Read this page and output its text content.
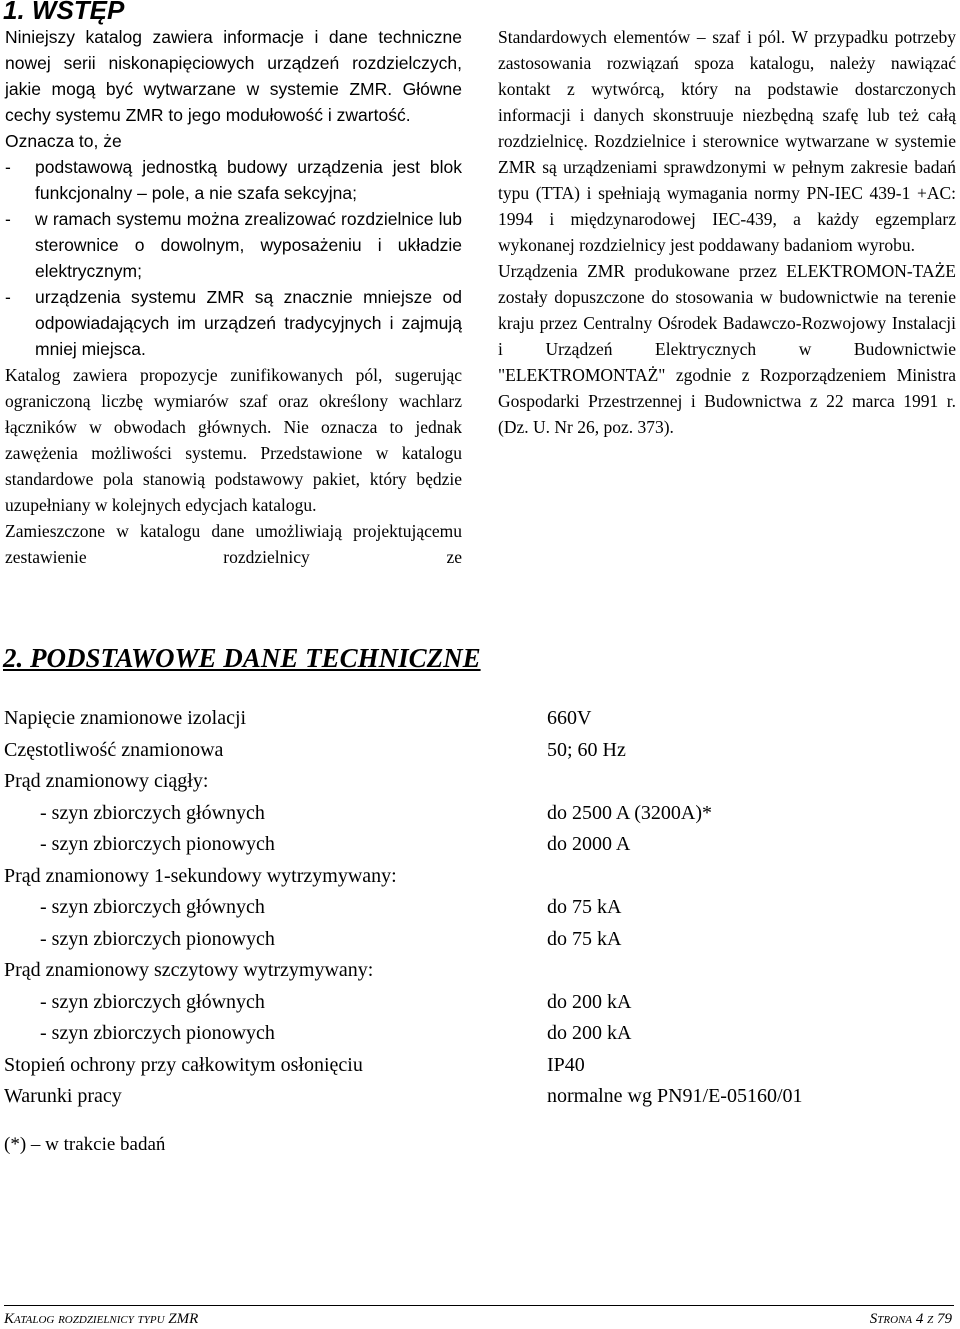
1. WSTĘP

Niniejszy katalog zawiera informacje i dane techniczne nowej serii niskonapięciowych urządzeń rozdzielczych, jakie mogą być wytwarzane w systemie ZMR. Główne cechy systemu ZMR to jego modułowość i zwartość.

Oznacza to, że

- podstawową jednostką budowy urządzenia jest blok funkcjonalny – pole, a nie szafa sekcyjna;
- w ramach systemu można zrealizować rozdzielnice lub sterownice o dowolnym, wyposażeniu i układzie elektrycznym;
- urządzenia systemu ZMR są znacznie mniejsze od odpowiadających im urządzeń tradycyjnych i zajmują mniej miejsca.

Katalog zawiera propozycje zunifikowanych pól, sugerując ograniczoną liczbę wymiarów szaf oraz określony wachlarz łączników w obwodach głównych. Nie oznacza to jednak zawężenia możliwości systemu. Przedstawione w katalogu standardowe pola stanowią podstawowy pakiet, który będzie uzupełniany w kolejnych edycjach katalogu.

Zamieszczone w katalogu dane umożliwiają projektującemu zestawienie rozdzielnicy ze

Standardowych elementów – szaf i pól. W przypadku potrzeby zastosowania rozwiązań spoza katalogu, należy nawiązać kontakt z wytwórcą, który na podstawie dostarczonych informacji i danych skonstruuje niezbędną szafę lub też całą rozdzielnicę. Rozdzielnice i sterownice wytwarzane w systemie ZMR są urządzeniami sprawdzonymi w pełnym zakresie badań typu (TTA) i spełniają wymagania normy PN-IEC 439-1 +AC: 1994 i międzynarodowej IEC-439, a każdy egzemplarz wykonanej rozdzielnicy jest poddawany badaniom wyrobu.

Urządzenia ZMR produkowane przez ELEKTROMON-TAŻE zostały dopuszczone do stosowania w budownictwie na terenie kraju przez Centralny Ośrodek Badawczo-Rozwojowy Instalacji i Urządzeń Elektrycznych w Budownictwie "ELEKTROMONTAŻ" zgodnie z Rozporządzeniem Ministra Gospodarki Przestrzennej i Budownictwa z 22 marca 1991 r. (Dz. U. Nr 26, poz. 373).

2. PODSTAWOWE DANE TECHNICZNE
Napięcie znamionowe izolacji	660V
Częstotliwość znamionowa	50; 60 Hz
Prąd znamionowy ciągły:
- szyn zbiorczych głównych	do 2500 A (3200A)*
- szyn zbiorczych pionowych	do 2000 A
Prąd znamionowy 1-sekundowy wytrzymywany:
- szyn zbiorczych głównych	do 75 kA
- szyn zbiorczych pionowych	do 75 kA
Prąd znamionowy szczytowy wytrzymywany:
- szyn zbiorczych głównych	do 200 kA
- szyn zbiorczych pionowych	do 200 kA
Stopień ochrony przy całkowitym osłonięciu	IP40
Warunki pracy	normalne wg PN91/E-05160/01
(*) – w trakcie badań
Katalog rozdzielnicy typu ZMR	Strona 4 z 79
